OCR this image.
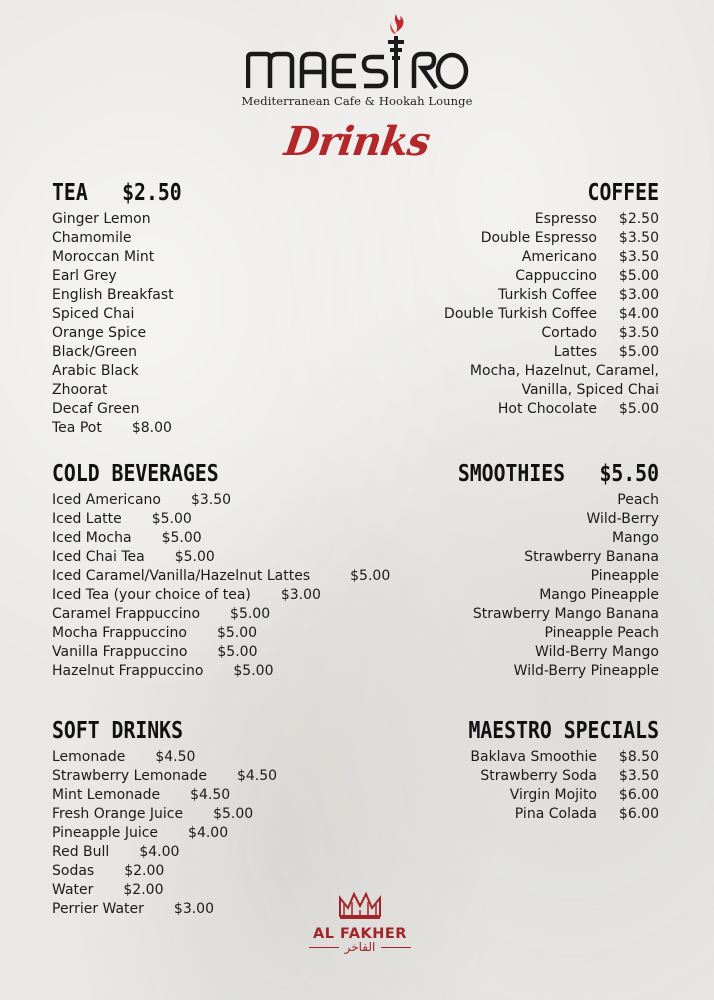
Mediterranean Cafe & Hookah Lounge
Drinks
TEA $2.50
Ginger Lemon
Chamomile
Moroccan Mint
Earl Grey
English Breakfast
Spiced Chai
Orange Spice
Black/Green
Arabic Black
Zhoorat
Decaf Green
Tea Pot $8.00
COFFEE
Espresso	$2.50
Double Espresso	$3.50
Americano	$3.50
Cappuccino	$5.00
Turkish Coffee	$3.00
Double Turkish Coffee	$4.00
Cortado	$3.50
Lattes	$5.00
Mocha, Hazelnut, Caramel,
Vanilla, Spiced Chai
Hot Chocolate	$5.00
COLD BEVERAGES
Iced Americano $3.50
Iced Latte $5.00
Iced Mocha $5.00
Iced Chai Tea $5.00
Iced Caramel/Vanilla/Hazelnut Lattes	$5.00
Iced Tea (your choice of tea) $3.00
Caramel Frappuccino $5.00
Mocha Frappuccino $5.00
Vanilla Frappuccino $5.00
Hazelnut Frappuccino $5.00
SMOOTHIES $5.50
Peach
Wild-Berry
Mango
Strawberry Banana
Pineapple
Mango Pineapple
Strawberry Mango Banana
Pineapple Peach
Wild-Berry Mango
Wild-Berry Pineapple
SOFT DRINKS
Lemonade $4.50
Strawberry Lemonade $4.50
Mint Lemonade $4.50
Fresh Orange Juice $5.00
Pineapple Juice $4.00
Red Bull $4.00
Sodas $2.00
Water $2.00
Perrier Water $3.00
MAESTRO SPECIALS
Baklava Smoothie	$8.50
Strawberry Soda	$3.50
Virgin Mojito	$6.00
Pina Colada	$6.00
AL FAKHER
الفاخر
